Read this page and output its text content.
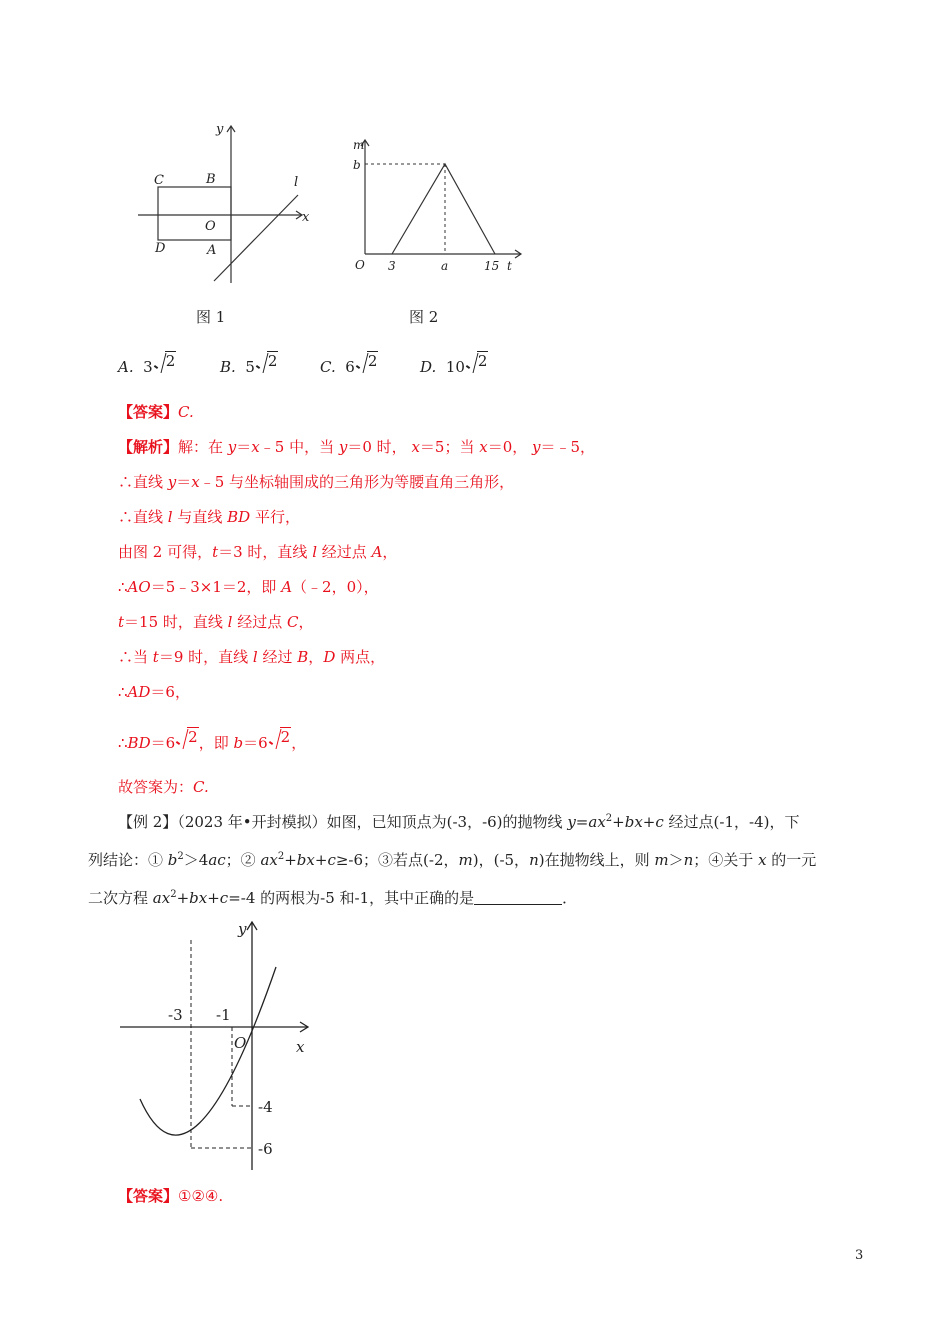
y
x
C	B
D	A
O
l
图 1
m
b
O 3	a	15 t
图 2
A. 3 2	B. 5 2	C. 6 2	D. 10 2
【答案】C.
【解析】解：在 y＝x﹣5 中，当 y＝0 时， x＝5；当 x＝0， y＝﹣5，
∴直线 y＝x﹣5 与坐标轴围成的三角形为等腰直角三角形，
∴直线 l 与直线 BD 平行，
由图 2 可得，t＝3 时，直线 l 经过点 A，
∴AO＝5﹣3×1＝2，即 A（﹣2，0），
t＝15 时，直线 l 经过点 C，
∴当 t＝9 时，直线 l 经过 B，D 两点，
∴AD＝6，
∴BD＝6 2，即 b＝6 2，
故答案为：C.
【例 2】（2023 年•开封模拟）如图，已知顶点为(-3，-6)的抛物线 $y=ax^2+bx+c$ 经过点(-1，-4)，下
列结论：① $b^2>4ac$；② $ax^2+bx+c\ge-6$；③若点(-2，m)，(-5，n)在抛物线上，则 m＞n；④关于 x 的一元
二次方程 $ax^2+bx+c=-4$ 的两根为-5 和-1，其中正确的是	．
y
x
-3 -1
O
-4
-6
【答案】①②④.
3
